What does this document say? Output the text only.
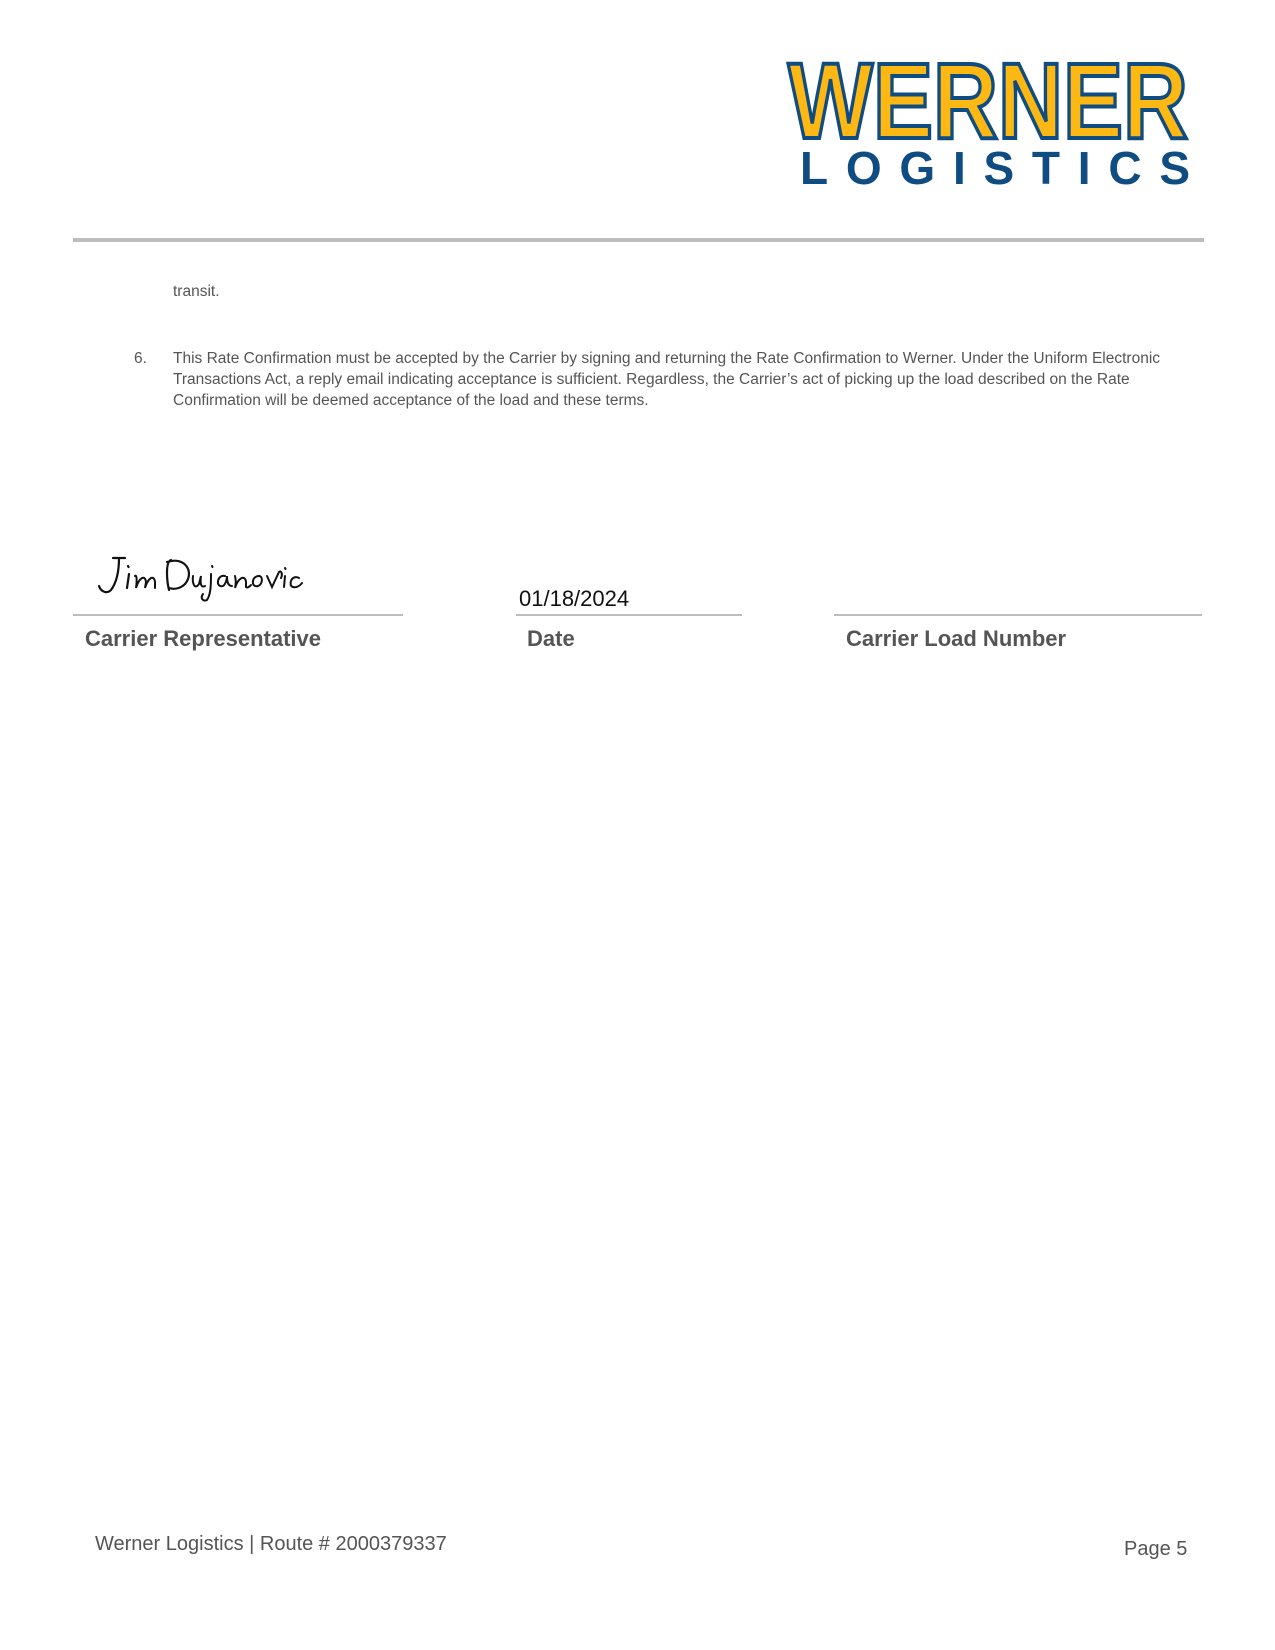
WERNER
LOGISTICS
transit.
6. This Rate Confirmation must be accepted by the Carrier by signing and returning the Rate Confirmation to Werner. Under the Uniform Electronic Transactions Act, a reply email indicating acceptance is sufficient. Regardless, the Carrier’s act of picking up the load described on the Rate Confirmation will be deemed acceptance of the load and these terms.
01/18/2024
Carrier Representative	Date	Carrier Load Number
Werner Logistics | Route # 2000379337	Page 5
